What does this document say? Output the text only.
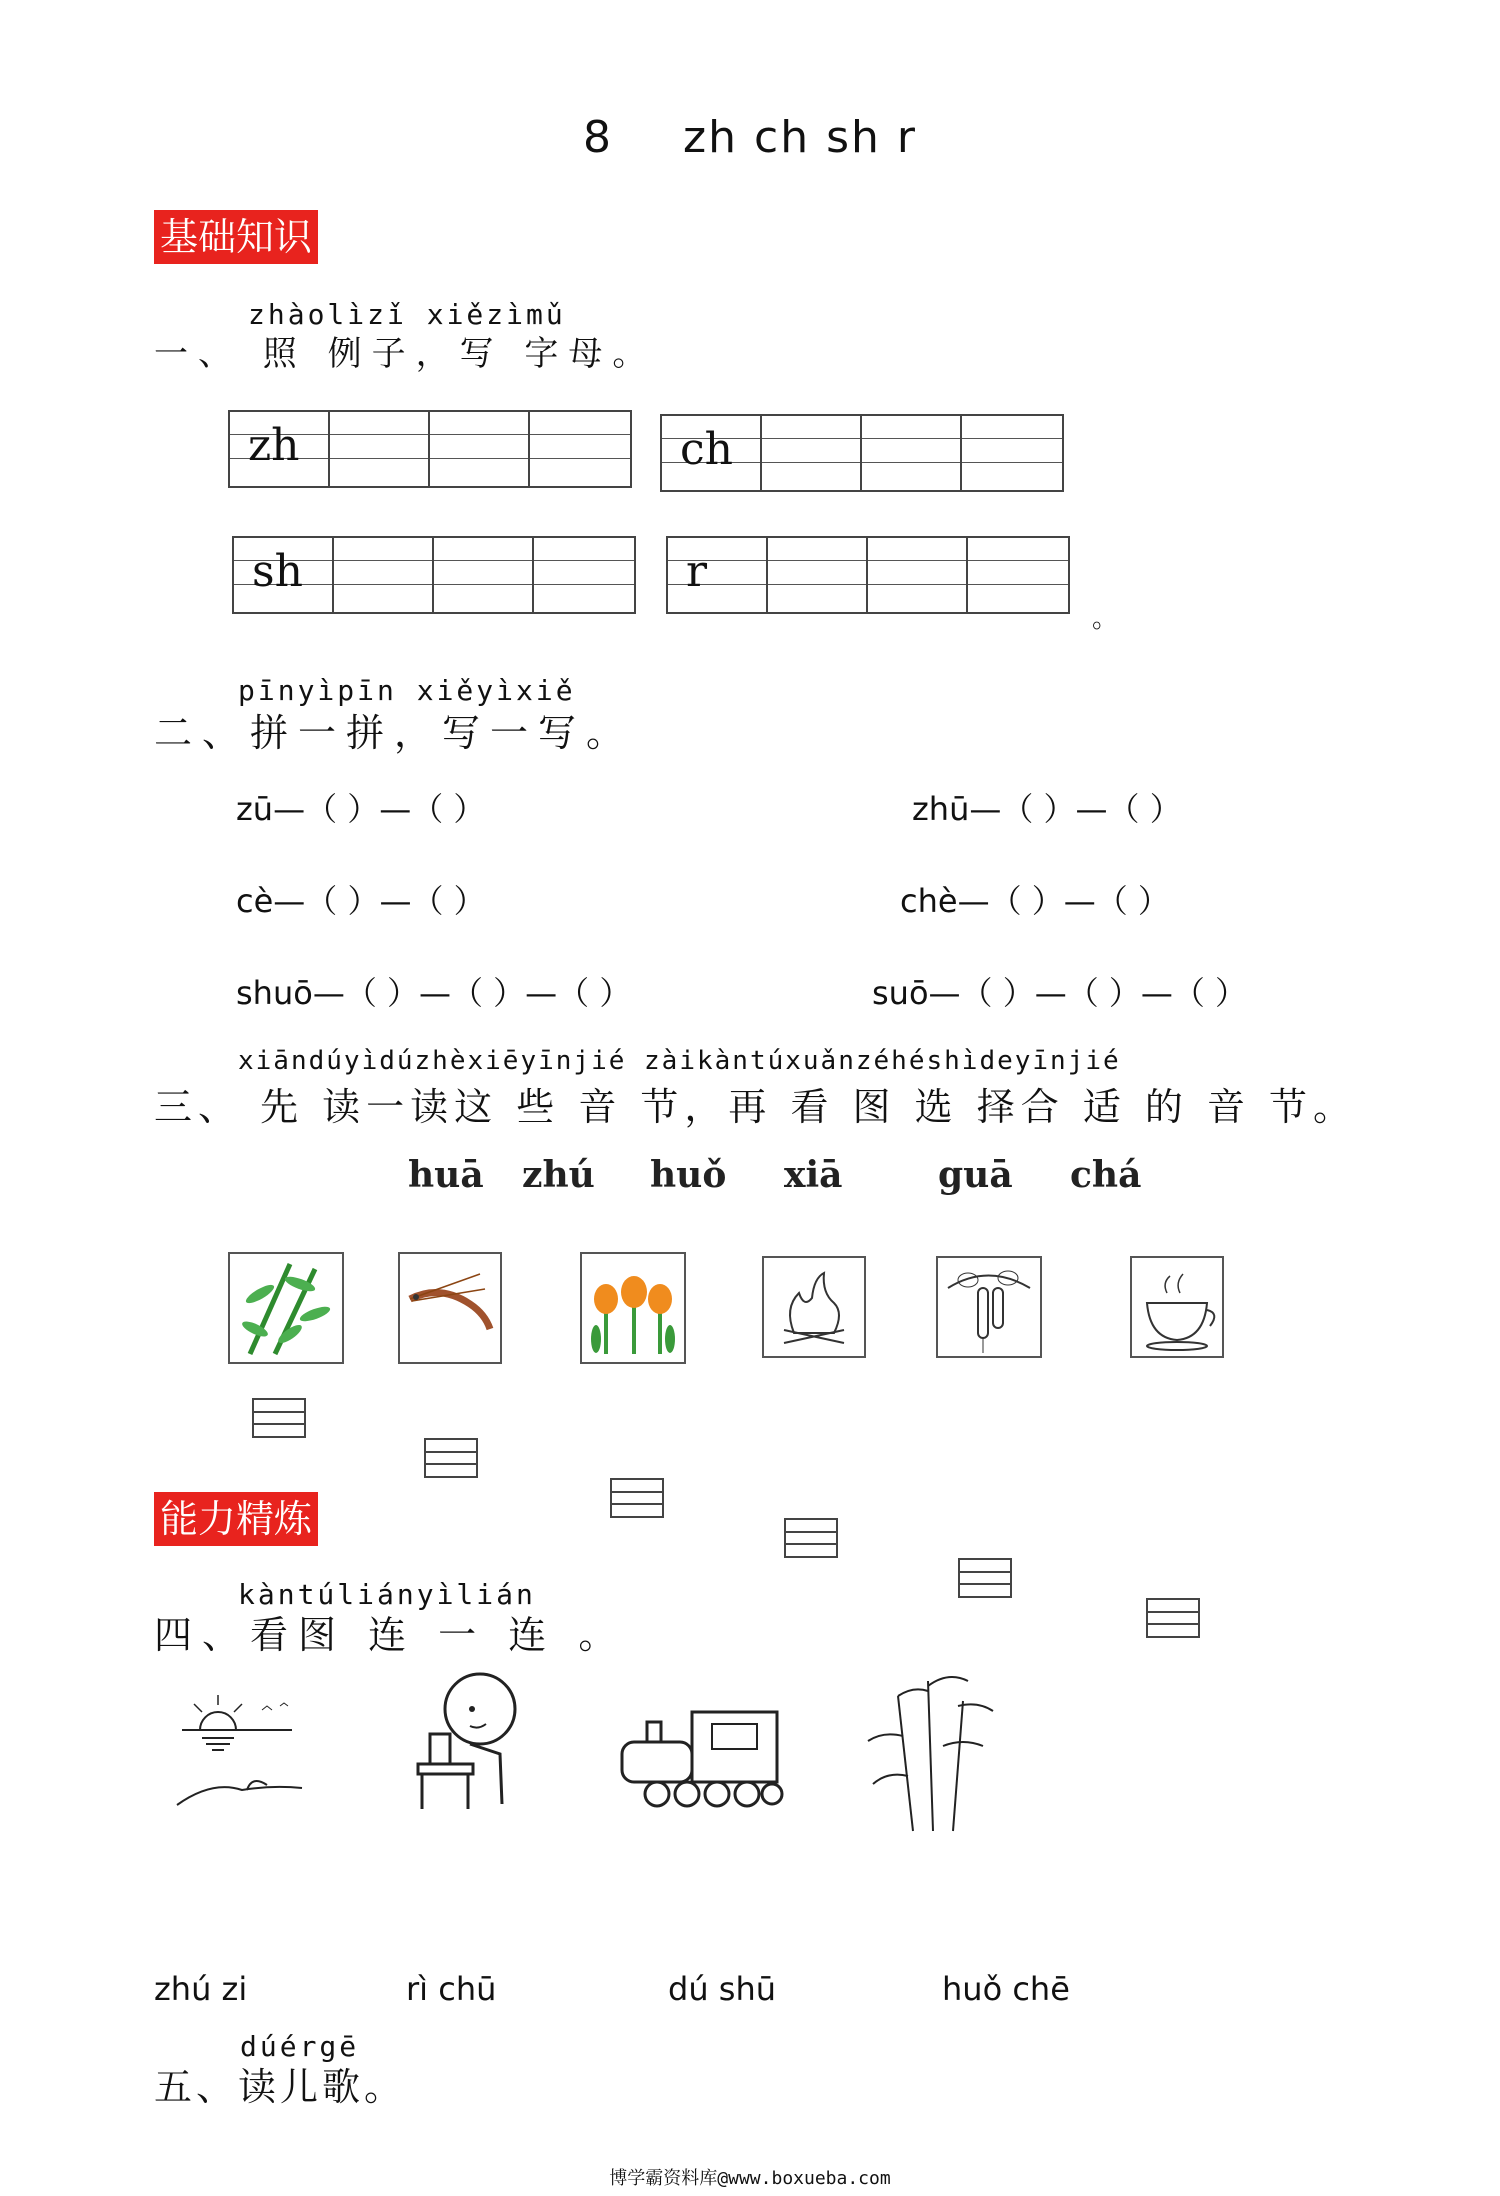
8 zh ch sh r
基础知识
zhàolìzǐ xiězìmǔ
一、 照 例子，写 字母。
zh	ch
sh	r
。
pīnyìpīn xiěyìxiě
二、拼一拼，写一写。
zū—（ ）—（ ）	zhū—（ ）—（ ）
cè—（ ）—（ ）	chè—（ ）—（ ）
shuō—（ ）—（ ）—（ ）	suō—（ ）—（ ）—（ ）
xiāndúyìdúzhèxiēyīnjié zàikàntúxuǎnzéhéshìdeyīnjié
三、 先 读一读这 些 音 节，再 看 图 选 择合 适 的 音 节。
huā zhú huǒ xiā	guā chá
能力精炼
kàntúliányìlián
四、看图 连 一 连 。
zhú zi	rì chū	dú shū	huǒ chē
dúérgē
五、读儿歌。
博学霸资料库@www.boxueba.com
